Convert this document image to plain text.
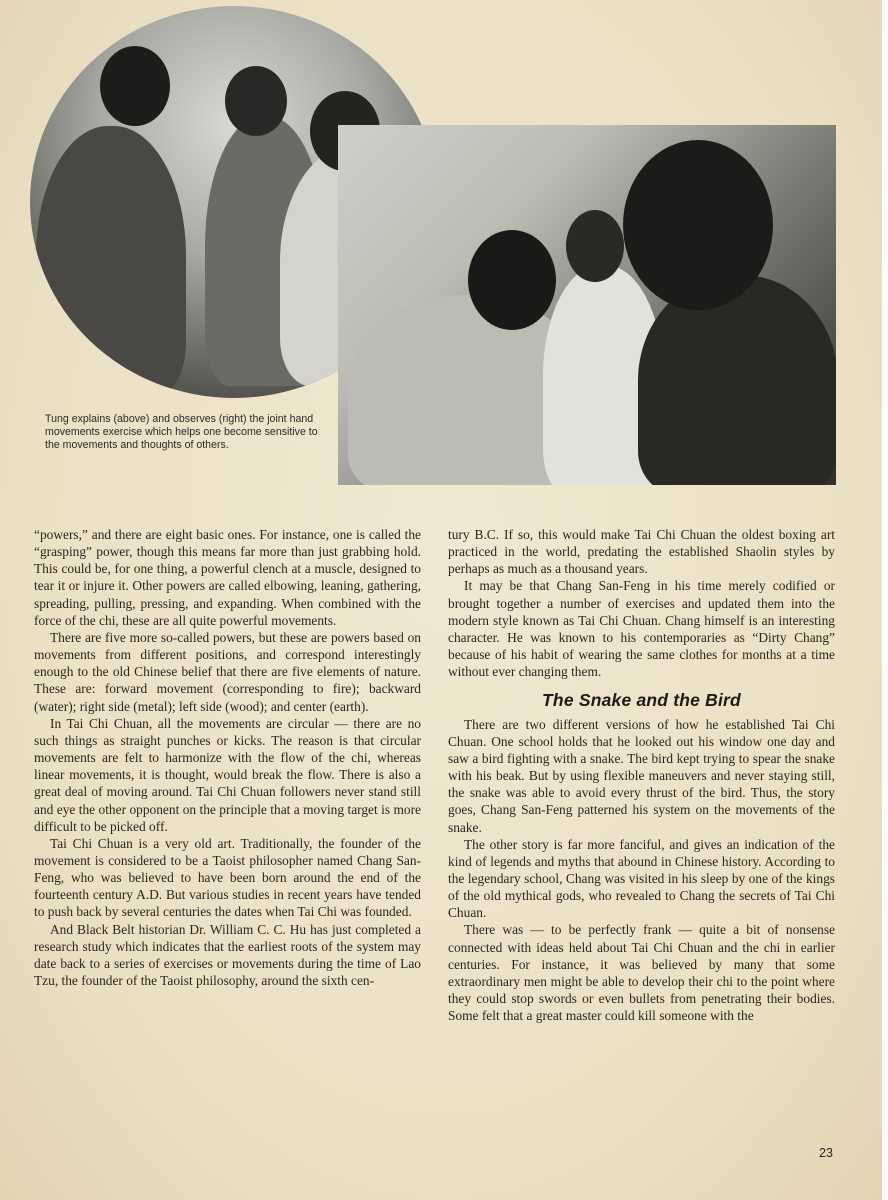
Tung explains (above) and observes (right) the joint hand movements exercise which helps one become sensitive to the movements and thoughts of others.

“powers,” and there are eight basic ones. For instance, one is called the “grasping” power, though this means far more than just grabbing hold. This could be, for one thing, a powerful clench at a muscle, designed to tear it or injure it. Other powers are called elbowing, leaning, gathering, spreading, pulling, pressing, and expanding. When combined with the force of the chi, these are all quite powerful movements.

There are five more so-called powers, but these are powers based on movements from different positions, and correspond interestingly enough to the old Chinese belief that there are five elements of nature. These are: forward movement (corresponding to fire); backward (water); right side (metal); left side (wood); and center (earth).

In Tai Chi Chuan, all the movements are circular — there are no such things as straight punches or kicks. The reason is that circular movements are felt to harmonize with the flow of the chi, whereas linear movements, it is thought, would break the flow. There is also a great deal of moving around. Tai Chi Chuan followers never stand still and eye the other opponent on the principle that a moving target is more difficult to be picked off.

Tai Chi Chuan is a very old art. Traditionally, the founder of the movement is considered to be a Taoist philosopher named Chang San-Feng, who was believed to have been born around the end of the fourteenth century A.D. But various studies in recent years have tended to push back by several centuries the dates when Tai Chi was founded.

And Black Belt historian Dr. William C. C. Hu has just completed a research study which indicates that the earliest roots of the system may date back to a series of exercises or movements during the time of Lao Tzu, the founder of the Taoist philosophy, around the sixth cen-

tury B.C. If so, this would make Tai Chi Chuan the oldest boxing art practiced in the world, predating the established Shaolin styles by perhaps as much as a thousand years.

It may be that Chang San-Feng in his time merely codified or brought together a number of exercises and updated them into the modern style known as Tai Chi Chuan. Chang himself is an interesting character. He was known to his contemporaries as “Dirty Chang” because of his habit of wearing the same clothes for months at a time without ever changing them.

The Snake and the Bird

There are two different versions of how he established Tai Chi Chuan. One school holds that he looked out his window one day and saw a bird fighting with a snake. The bird kept trying to spear the snake with his beak. But by using flexible maneuvers and never staying still, the snake was able to avoid every thrust of the bird. Thus, the story goes, Chang San-Feng patterned his system on the movements of the snake.

The other story is far more fanciful, and gives an indication of the kind of legends and myths that abound in Chinese history. According to the legendary school, Chang was visited in his sleep by one of the kings of the old mythical gods, who revealed to Chang the secrets of Tai Chi Chuan.

There was — to be perfectly frank — quite a bit of nonsense connected with ideas held about Tai Chi Chuan and the chi in earlier centuries. For instance, it was believed by many that some extraordinary men might be able to develop their chi to the point where they could stop swords or even bullets from penetrating their bodies. Some felt that a great master could kill someone with the

23
